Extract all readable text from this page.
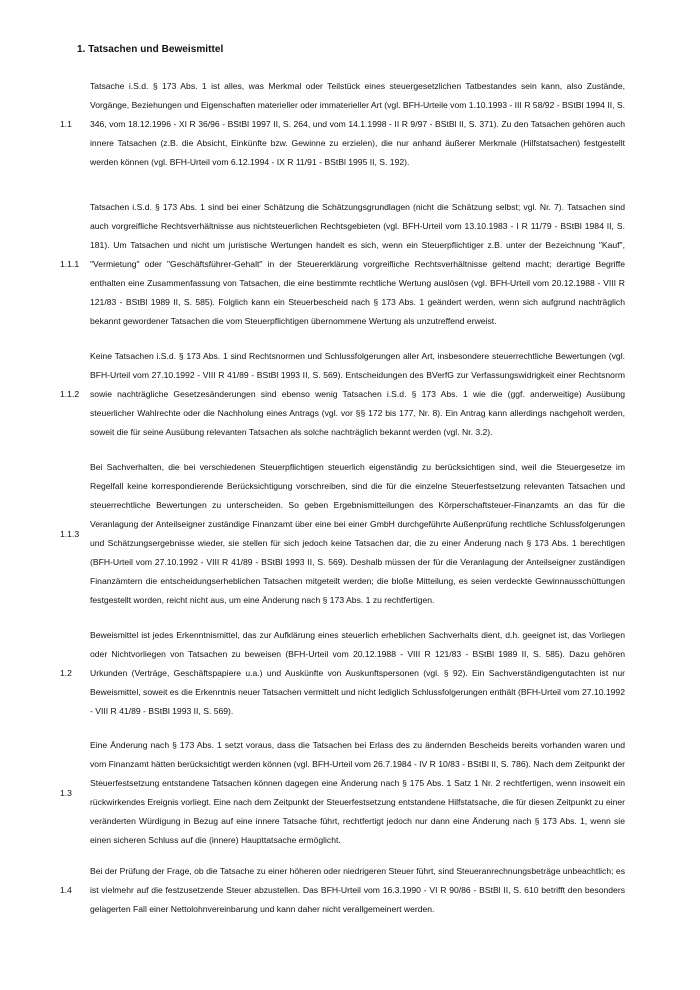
1. Tatsachen und Beweismittel
1.1
Tatsache i.S.d. § 173 Abs. 1 ist alles, was Merkmal oder Teilstück eines steuergesetzlichen Tatbestandes sein kann, also Zustände, Vorgänge, Beziehungen und Eigenschaften materieller oder immaterieller Art (vgl. BFH-Urteile vom 1.10.1993 - III R 58/92 - BStBl 1994 II, S. 346, vom 18.12.1996 - XI R 36/96 - BStBl 1997 II, S. 264, und vom 14.1.1998 - II R 9/97 - BStBl II, S. 371). Zu den Tatsachen gehören auch innere Tatsachen (z.B. die Absicht, Einkünfte bzw. Gewinne zu erzielen), die nur anhand äußerer Merkmale (Hilfstatsachen) festgestellt werden können (vgl. BFH-Urteil vom 6.12.1994 - IX R 11/91 - BStBl 1995 II, S. 192).
1.1.1
Tatsachen i.S.d. § 173 Abs. 1 sind bei einer Schätzung die Schätzungsgrundlagen (nicht die Schätzung selbst; vgl. Nr. 7). Tatsachen sind auch vorgreifliche Rechtsverhältnisse aus nichtsteuerlichen Rechtsgebieten (vgl. BFH-Urteil vom 13.10.1983 - I R 11/79 - BStBl 1984 II, S. 181). Um Tatsachen und nicht um juristische Wertungen handelt es sich, wenn ein Steuerpflichtiger z.B. unter der Bezeichnung "Kauf", "Vermietung" oder "Geschäftsführer-Gehalt" in der Steuererklärung vorgreifliche Rechtsverhältnisse geltend macht; derartige Begriffe enthalten eine Zusammenfassung von Tatsachen, die eine bestimmte rechtliche Wertung auslösen (vgl. BFH-Urteil vom 20.12.1988 - VIII R 121/83 - BStBl 1989 II, S. 585). Folglich kann ein Steuerbescheid nach § 173 Abs. 1 geändert werden, wenn sich aufgrund nachträglich bekannt gewordener Tatsachen die vom Steuerpflichtigen übernommene Wertung als unzutreffend erweist.
1.1.2
Keine Tatsachen i.S.d. § 173 Abs. 1 sind Rechtsnormen und Schlussfolgerungen aller Art, insbesondere steuerrechtliche Bewertungen (vgl. BFH-Urteil vom 27.10.1992 - VIII R 41/89 - BStBl 1993 II, S. 569). Entscheidungen des BVerfG zur Verfassungswidrigkeit einer Rechtsnorm sowie nachträgliche Gesetzesänderungen sind ebenso wenig Tatsachen i.S.d. § 173 Abs. 1 wie die (ggf. anderweitige) Ausübung steuerlicher Wahlrechte oder die Nachholung eines Antrags (vgl. vor §§ 172 bis 177, Nr. 8). Ein Antrag kann allerdings nachgeholt werden, soweit die für seine Ausübung relevanten Tatsachen als solche nachträglich bekannt werden (vgl. Nr. 3.2).
1.1.3
Bei Sachverhalten, die bei verschiedenen Steuerpflichtigen steuerlich eigenständig zu berücksichtigen sind, weil die Steuergesetze im Regelfall keine korrespondierende Berücksichtigung vorschreiben, sind die für die einzelne Steuerfestsetzung relevanten Tatsachen und steuerrechtliche Bewertungen zu unterscheiden. So geben Ergebnismitteilungen des Körperschaftsteuer-Finanzamts an das für die Veranlagung der Anteilseigner zuständige Finanzamt über eine bei einer GmbH durchgeführte Außenprüfung rechtliche Schlussfolgerungen und Schätzungsergebnisse wieder, sie stellen für sich jedoch keine Tatsachen dar, die zu einer Änderung nach § 173 Abs. 1 berechtigen (BFH-Urteil vom 27.10.1992 - VIII R 41/89 - BStBl 1993 II, S. 569). Deshalb müssen der für die Veranlagung der Anteilseigner zuständigen Finanzämtern die entscheidungserheblichen Tatsachen mitgeteilt werden; die bloße Mitteilung, es seien verdeckte Gewinnausschüttungen festgestellt worden, reicht nicht aus, um eine Änderung nach § 173 Abs. 1 zu rechtfertigen.
1.2
Beweismittel ist jedes Erkenntnismittel, das zur Aufklärung eines steuerlich erheblichen Sachverhalts dient, d.h. geeignet ist, das Vorliegen oder Nichtvorliegen von Tatsachen zu beweisen (BFH-Urteil vom 20.12.1988 - VIII R 121/83 - BStBl 1989 II, S. 585). Dazu gehören Urkunden (Verträge, Geschäftspapiere u.a.) und Auskünfte von Auskunftspersonen (vgl. § 92). Ein Sachverständigengutachten ist nur Beweismittel, soweit es die Erkenntnis neuer Tatsachen vermittelt und nicht lediglich Schlussfolgerungen enthält (BFH-Urteil vom 27.10.1992 - VIII R 41/89 - BStBl 1993 II, S. 569).
1.3
Eine Änderung nach § 173 Abs. 1 setzt voraus, dass die Tatsachen bei Erlass des zu ändernden Bescheids bereits vorhanden waren und vom Finanzamt hätten berücksichtigt werden können (vgl. BFH-Urteil vom 26.7.1984 - IV R 10/83 - BStBl II, S. 786). Nach dem Zeitpunkt der Steuerfestsetzung entstandene Tatsachen können dagegen eine Änderung nach § 175 Abs. 1 Satz 1 Nr. 2 rechtfertigen, wenn insoweit ein rückwirkendes Ereignis vorliegt. Eine nach dem Zeitpunkt der Steuerfestsetzung entstandene Hilfstatsache, die für diesen Zeitpunkt zu einer veränderten Würdigung in Bezug auf eine innere Tatsache führt, rechtfertigt jedoch nur dann eine Änderung nach § 173 Abs. 1, wenn sie einen sicheren Schluss auf die (innere) Haupttatsache ermöglicht.
1.4
Bei der Prüfung der Frage, ob die Tatsache zu einer höheren oder niedrigeren Steuer führt, sind Steueranrechnungsbeträge unbeachtlich; es ist vielmehr auf die festzusetzende Steuer abzustellen. Das BFH-Urteil vom 16.3.1990 - VI R 90/86 - BStBl II, S. 610 betrifft den besonders gelagerten Fall einer Nettolohnvereinbarung und kann daher nicht verallgemeinert werden.
